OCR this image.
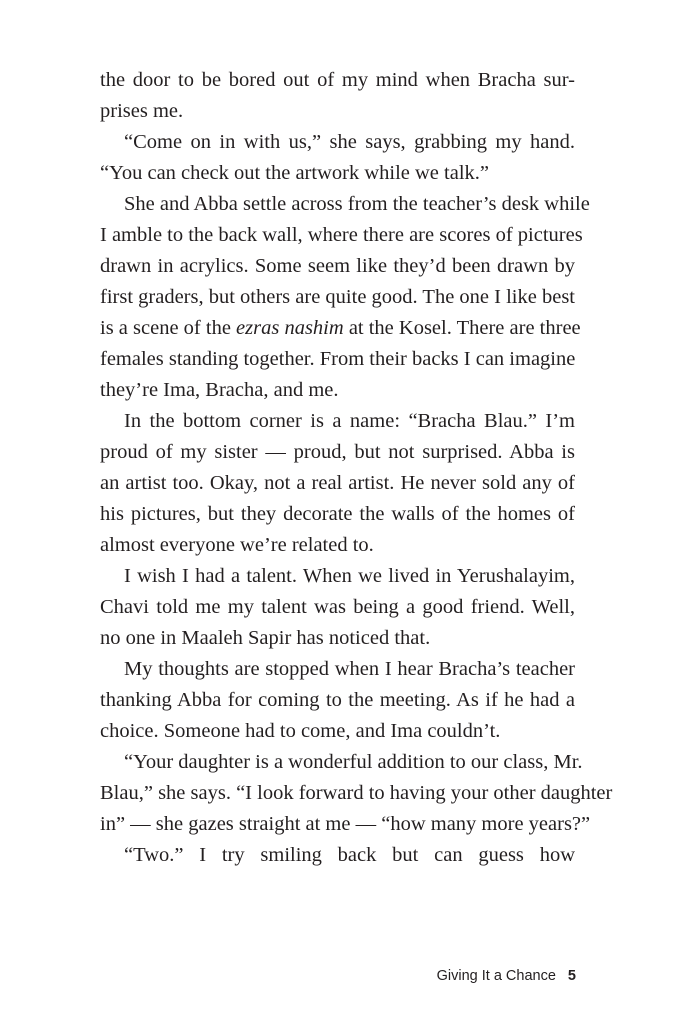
the door to be bored out of my mind when Bracha sur-
prises me.

“Come on in with us,” she says, grabbing my hand.
“You can check out the artwork while we talk.”

She and Abba settle across from the teacher’s desk while
I amble to the back wall, where there are scores of pictures
drawn in acrylics. Some seem like they’d been drawn by
first graders, but others are quite good. The one I like best
is a scene of the ezras nashim at the Kosel. There are three
females standing together. From their backs I can imagine
they’re Ima, Bracha, and me.

In the bottom corner is a name: “Bracha Blau.” I’m
proud of my sister — proud, but not surprised. Abba is
an artist too. Okay, not a real artist. He never sold any of
his pictures, but they decorate the walls of the homes of
almost everyone we’re related to.

I wish I had a talent. When we lived in Yerushalayim,
Chavi told me my talent was being a good friend. Well,
no one in Maaleh Sapir has noticed that.

My thoughts are stopped when I hear Bracha’s teacher
thanking Abba for coming to the meeting. As if he had a
choice. Someone had to come, and Ima couldn’t.

“Your daughter is a wonderful addition to our class, Mr.
Blau,” she says. “I look forward to having your other daughter
in” — she gazes straight at me — “how many more years?”

“Two.” I try smiling back but can guess how

Giving It a Chance 5
